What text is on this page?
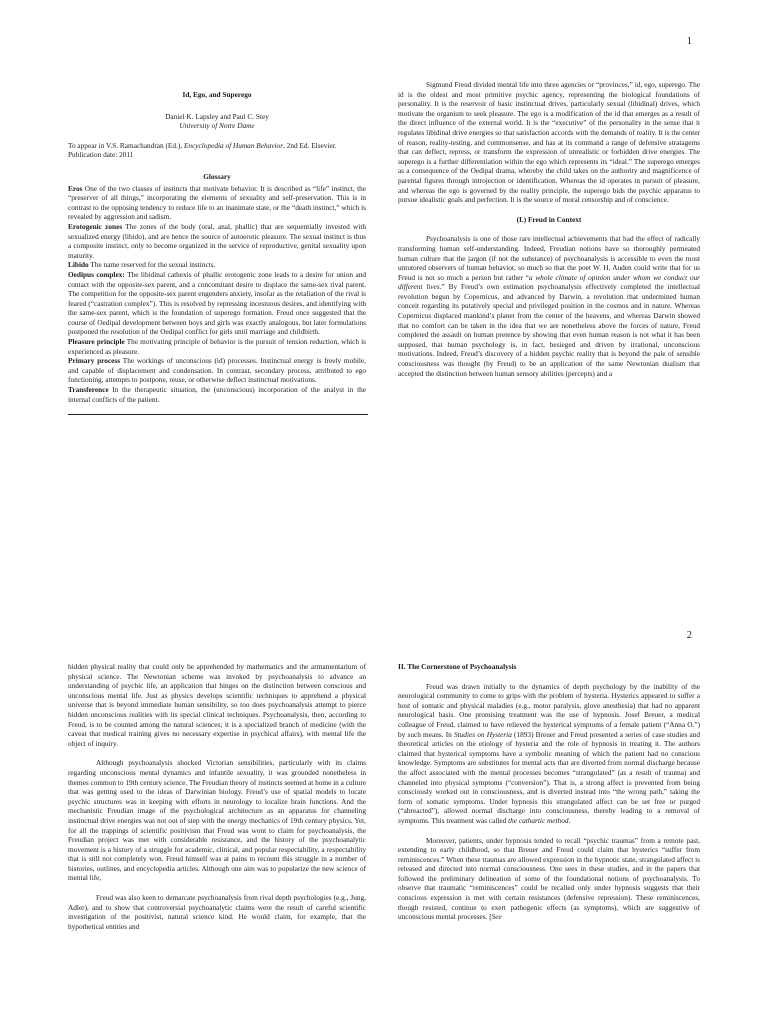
1
Id, Ego, and Superego
Daniel K. Lapsley and Paul C. Stey
University of Notre Dame
To appear in V.S. Ramachandran (Ed.), Encyclopedia of Human Behavior, 2nd Ed. Elsevier. Publication date: 2011
Glossary
Eros One of the two classes of instincts that motivate behavior. It is described as “life” instinct, the “preserver of all things,” incorporating the elements of sexuality and self-preservation. This is in contrast to the opposing tendency to reduce life to an inanimate state, or the “death instinct,” which is revealed by aggression and sadism.
Erotogenic zones The zones of the body (oral, anal, phallic) that are sequentially invested with sexualized energy (libido), and are hence the source of autoerotic pleasure. The sexual instinct is thus a composite instinct, only to become organized in the service of reproductive, genital sexuality upon maturity.
Libido The name reserved for the sexual instincts.
Oedipus complex: The libidinal cathexis of phallic erotogenic zone leads to a desire for union and contact with the opposite-sex parent, and a concomitant desire to displace the same-sex rival parent. The competition for the opposite-sex parent engenders anxiety, insofar as the retaliation of the rival is feared (“castration complex”). This is resolved by repressing incestuous desires, and identifying with the same-sex parent, which is the foundation of superego formation. Freud once suggested that the course of Oedipal development between boys and girls was exactly analogous, but later formulations postponed the resolution of the Oedipal conflict for girls until marriage and childbirth.
Pleasure principle The motivating principle of behavior is the pursuit of tension reduction, which is experienced as pleasure.
Primary process The workings of unconscious (id) processes. Instinctual energy is freely mobile, and capable of displacement and condensation. In contrast, secondary process, attributed to ego functioning, attempts to postpone, reuse, or otherwise deflect instinctual motivations.
Transference In the therapeutic situation, the (unconscious) incorporation of the analyst in the internal conflicts of the patient.
Sigmund Freud divided mental life into three agencies or “provinces,” id, ego, superego. The id is the oldest and most primitive psychic agency, representing the biological foundations of personality. It is the reservoir of basic instinctual drives, particularly sexual (libidinal) drives, which motivate the organism to seek pleasure. The ego is a modification of the id that emerges as a result of the direct influence of the external world. It is the “executive” of the personality in the sense that it regulates libidinal drive energies so that satisfaction accords with the demands of reality. It is the center of reason, reality-testing, and commonsense, and has at its command a range of defensive stratagems that can deflect, repress, or transform the expression of unrealistic or forbidden drive energies. The superego is a further differentiation within the ego which represents its “ideal.” The superego emerges as a consequence of the Oedipal drama, whereby the child takes on the authority and magnificence of parental figures through introjection or identification. Whereas the id operates in pursuit of pleasure, and whereas the ego is governed by the reality principle, the superego bids the psychic apparatus to pursue idealistic goals and perfection. It is the source of moral censorship and of conscience.
(I.) Freud in Context
Psychoanalysis is one of those rare intellectual achievements that had the effect of radically transforming human self-understanding. Indeed, Freudian notions have so thoroughly permeated human culture that the jargon (if not the substance) of psychoanalysis is accessible to even the most untutored observers of human behavior, so much so that the poet W. H. Auden could write that for us Freud is not so much a person but rather “a whole climate of opinion under whom we conduct our different lives.” By Freud’s own estimation psychoanalysis effectively completed the intellectual revolution begun by Copernicus, and advanced by Darwin, a revolution that undermined human conceit regarding its putatively special and privileged position in the cosmos and in nature. Whereas Copernicus displaced mankind’s planet from the center of the heavens, and whereas Darwin showed that no comfort can be taken in the idea that we are nonetheless above the forces of nature, Freud completed the assault on human pretence by showing that even human reason is not what it has been supposed, that human psychology is, in fact, besieged and driven by irrational, unconscious motivations. Indeed, Freud’s discovery of a hidden psychic reality that is beyond the pale of sensible consciousness was thought (by Freud) to be an application of the same Newtonian dualism that accepted the distinction between human sensory abilities (percepts) and a
2
hidden physical reality that could only be apprehended by mathematics and the armamentarium of physical science. The Newtonian scheme was invoked by psychoanalysis to advance an understanding of psychic life, an application that hinges on the distinction between conscious and unconscious mental life. Just as physics develops scientific techniques to apprehend a physical universe that is beyond immediate human sensibility, so too does psychoanalysis attempt to pierce hidden unconscious realities with its special clinical techniques. Psychoanalysis, then, according to Freud, is to be counted among the natural sciences; it is a specialized branch of medicine (with the caveat that medical training gives no necessary expertise in psychical affairs), with mental life the object of inquiry.
Although psychoanalysis shocked Victorian sensibilities, particularly with its claims regarding unconscious mental dynamics and infantile sexuality, it was grounded nonetheless in themes common to 19th century science. The Freudian theory of instincts seemed at home in a culture that was getting used to the ideas of Darwinian biology. Freud’s use of spatial models to locate psychic structures was in keeping with efforts in neurology to localize brain functions. And the mechanistic Freudian image of the psychological architecture as an apparatus for channeling instinctual drive energies was not out of step with the energy mechanics of 19th century physics. Yet, for all the trappings of scientific positivism that Freud was wont to claim for psychoanalysis, the Freudian project was met with considerable resistance, and the history of the psychoanalytic movement is a history of a struggle for academic, clinical, and popular respectability, a respectability that is still not completely won. Freud himself was at pains to recount this struggle in a number of histories, outlines, and encyclopedia articles. Although one aim was to popularize the new science of mental life,
Freud was also keen to demarcate psychoanalysis from rival depth psychologies (e.g., Jung, Adler), and to show that controversial psychoanalytic claims were the result of careful scientific investigation of the positivist, natural science kind. He would claim, for example, that the hypothetical entities and
II. The Cornerstone of Psychoanalysis
Freud was drawn initially to the dynamics of depth psychology by the inability of the neurological community to come to grips with the problem of hysteria. Hysterics appeared to suffer a host of somatic and physical maladies (e.g., motor paralysis, glove anesthesia) that had no apparent neurological basis. One promising treatment was the use of hypnosis. Josef Breuer, a medical colleague of Freud, claimed to have relieved the hysterical symptoms of a female patient (“Anna O.”) by such means. In Studies on Hysteria (1893) Breuer and Freud presented a series of case studies and theoretical articles on the etiology of hysteria and the role of hypnosis in treating it. The authors claimed that hysterical symptoms have a symbolic meaning of which the patient had no conscious knowledge. Symptoms are substitutes for mental acts that are diverted from normal discharge because the affect associated with the mental processes becomes “strangulated” (as a result of trauma) and channeled into physical symptoms (“conversion”). That is, a strong affect is prevented from being consciously worked out in consciousness, and is diverted instead into “the wrong path,” taking the form of somatic symptoms. Under hypnosis this strangulated affect can be set free or purged (“abreacted”), allowed normal discharge into consciousness, thereby leading to a removal of symptoms. This treatment was called the cathartic method.
Moreover, patients, under hypnosis tended to recall “psychic traumas” from a remote past, extending to early childhood, so that Breuer and Freud could claim that hysterics “suffer from reminiscences.” When these traumas are allowed expression in the hypnotic state, strangulated affect is released and directed into normal consciousness. One sees in these studies, and in the papers that followed the preliminary delineation of some of the foundational notions of psychoanalysis. To observe that traumatic “reminiscences” could be recalled only under hypnosis suggests that their conscious expression is met with certain resistances (defensive repression). These reminiscences, though resisted, continue to exert pathogenic effects (as symptoms), which are suggestive of unconscious mental processes. [See
